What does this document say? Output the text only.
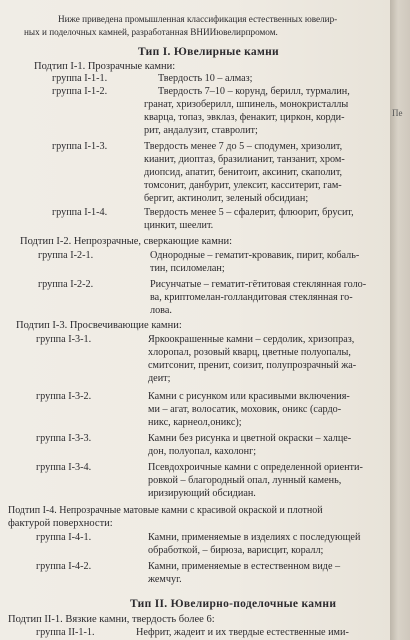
Ниже приведена промышленная классификация естественных ювелир-
ных и поделочных камней, разработанная ВНИИювелирпромом.
Тип I. Ювелирные камни
Подтип I-1. Прозрачные камни:
группа I-1-1.	Твердость 10 – алмаз;
группа I-1-2.	Твердость 7–10 – корунд, берилл, турмалин,
гранат, хризоберилл, шпинель, монокристаллы
кварца, топаз, эвклаз, фенакит, циркон, корди-
рит, андалузит, ставролит;
группа I-1-3.	Твердость менее 7 до 5 – сподумен, хризолит,
кианит, диоптаз, бразилианит, танзанит, хром-
диопсид, апатит, бенитоит, аксинит, скаполит,
томсонит, данбурит, улексит, касситерит, гам-
бергит, актинолит, зеленый обсидиан;
группа I-1-4.	Твердость менее 5 – сфалерит, флюорит, брусит,
цинкит, шеелит.
Подтип I-2. Непрозрачные, сверкающие камни:
группа I-2-1.	Однородные – гематит-кровавик, пирит, кобаль-
тин, псиломелан;
группа I-2-2.	Рисунчатые – гематит-гётитовая стеклянная голо-
ва, криптомелан-голландитовая стеклянная го-
лова.
Подтип I-3. Просвечивающие камни:
группа I-3-1.	Яркоокрашенные камни – сердолик, хризопраз,
хлоропал, розовый кварц, цветные полуопалы,
смитсонит, пренит, соизит, полупрозрачный жа-
деит;
группа I-3-2.	Камни с рисунком или красивыми включения-
ми – агат, волосатик, моховик, оникс (сардо-
никс, карнеол,оникс);
группа I-3-3.	Камни без рисунка и цветной окраски – халце-
дон, полуопал, кахолонг;
группа I-3-4.	Псевдохроичные камни с определенной ориенти-
ровкой – благородный опал, лунный камень,
иризирующий обсидиан.
Подтип I-4. Непрозрачные матовые камни с красивой окраской и плотной
фактурой поверхности:
группа I-4-1.	Камни, применяемые в изделиях с последующей
обработкой, – бирюза, варисцит, коралл;
группа I-4-2.	Камни, применяемые в естественном виде –
жемчуг.
Тип II. Ювелирно-поделочные камни
Подтип II-1. Вязкие камни, твердость более 6:
группа II-1-1.	Нефрит, жадеит и их твердые естественные ими-
Пе
